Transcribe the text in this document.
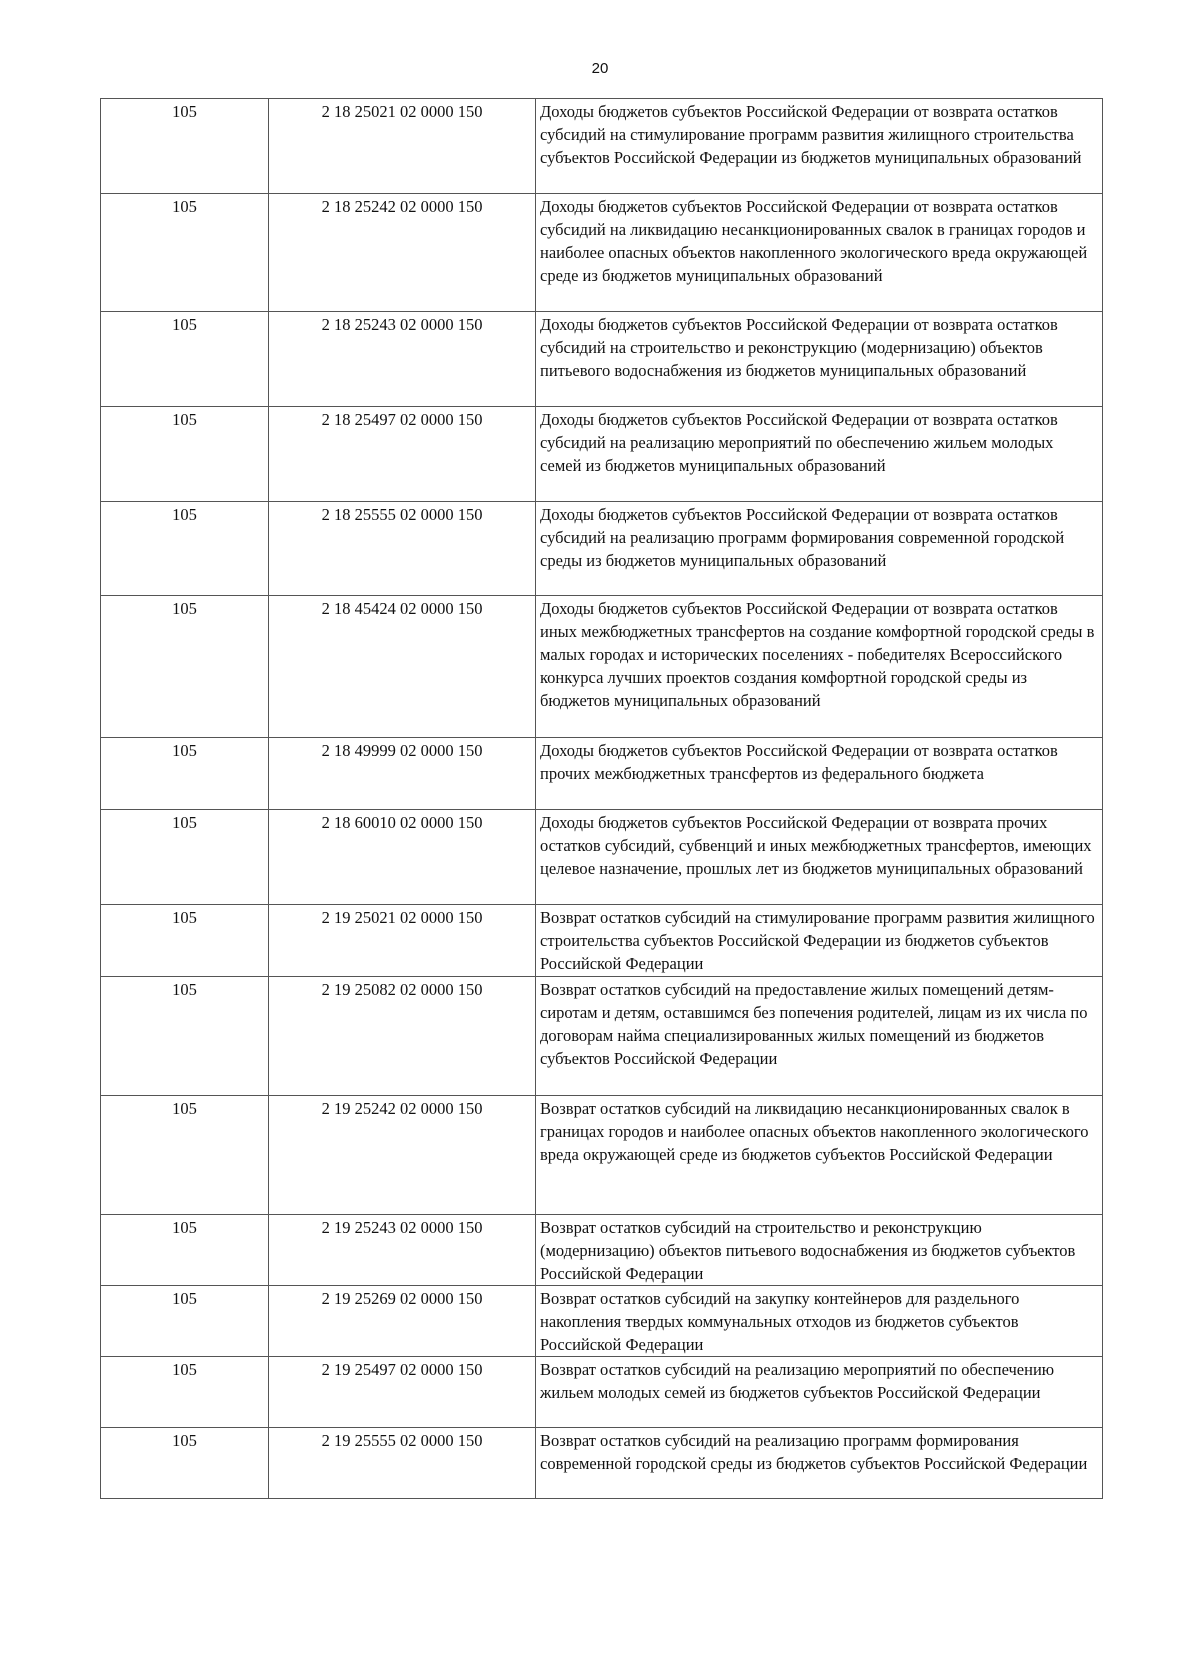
20
105	2 18 25021 02 0000 150	Доходы бюджетов субъектов Российской Федерации от возврата остатков субсидий на стимулирование программ развития жилищного строительства субъектов Российской Федерации из бюджетов муниципальных образований
105	2 18 25242 02 0000 150	Доходы бюджетов субъектов Российской Федерации от возврата остатков субсидий на ликвидацию несанкционированных свалок в границах городов и наиболее опасных объектов накопленного экологического вреда окружающей среде из бюджетов муниципальных образований
105	2 18 25243 02 0000 150	Доходы бюджетов субъектов Российской Федерации от возврата остатков субсидий на строительство и реконструкцию (модернизацию) объектов питьевого водоснабжения из бюджетов муниципальных образований
105	2 18 25497 02 0000 150	Доходы бюджетов субъектов Российской Федерации от возврата остатков субсидий на реализацию мероприятий по обеспечению жильем молодых семей из бюджетов муниципальных образований
105	2 18 25555 02 0000 150	Доходы бюджетов субъектов Российской Федерации от возврата остатков субсидий на реализацию программ формирования современной городской среды из бюджетов муниципальных образований
105	2 18 45424 02 0000 150	Доходы бюджетов субъектов Российской Федерации от возврата остатков иных межбюджетных трансфертов на создание комфортной городской среды в малых городах и исторических поселениях - победителях Всероссийского конкурса лучших проектов создания комфортной городской среды из бюджетов муниципальных образований
105	2 18 49999 02 0000 150	Доходы бюджетов субъектов Российской Федерации от возврата остатков прочих межбюджетных трансфертов из федерального бюджета
105	2 18 60010 02 0000 150	Доходы бюджетов субъектов Российской Федерации от возврата прочих остатков субсидий, субвенций и иных межбюджетных трансфертов, имеющих целевое назначение, прошлых лет из бюджетов муниципальных образований
105	2 19 25021 02 0000 150	Возврат остатков субсидий на стимулирование программ развития жилищного строительства субъектов Российской Федерации из бюджетов субъектов Российской Федерации
105	2 19 25082 02 0000 150	Возврат остатков субсидий на предоставление жилых помещений детям-сиротам и детям, оставшимся без попечения родителей, лицам из их числа по договорам найма специализированных жилых помещений из бюджетов субъектов Российской Федерации
105	2 19 25242 02 0000 150	Возврат остатков субсидий на ликвидацию несанкционированных свалок в границах городов и наиболее опасных объектов накопленного экологического вреда окружающей среде из бюджетов субъектов Российской Федерации
105	2 19 25243 02 0000 150	Возврат остатков субсидий на строительство и реконструкцию (модернизацию) объектов питьевого водоснабжения из бюджетов субъектов Российской Федерации
105	2 19 25269 02 0000 150	Возврат остатков субсидий на закупку контейнеров для раздельного накопления твердых коммунальных отходов из бюджетов субъектов Российской Федерации
105	2 19 25497 02 0000 150	Возврат остатков субсидий на реализацию мероприятий по обеспечению жильем молодых семей из бюджетов субъектов Российской Федерации
105	2 19 25555 02 0000 150	Возврат остатков субсидий на реализацию программ формирования современной городской среды из бюджетов субъектов Российской Федерации
